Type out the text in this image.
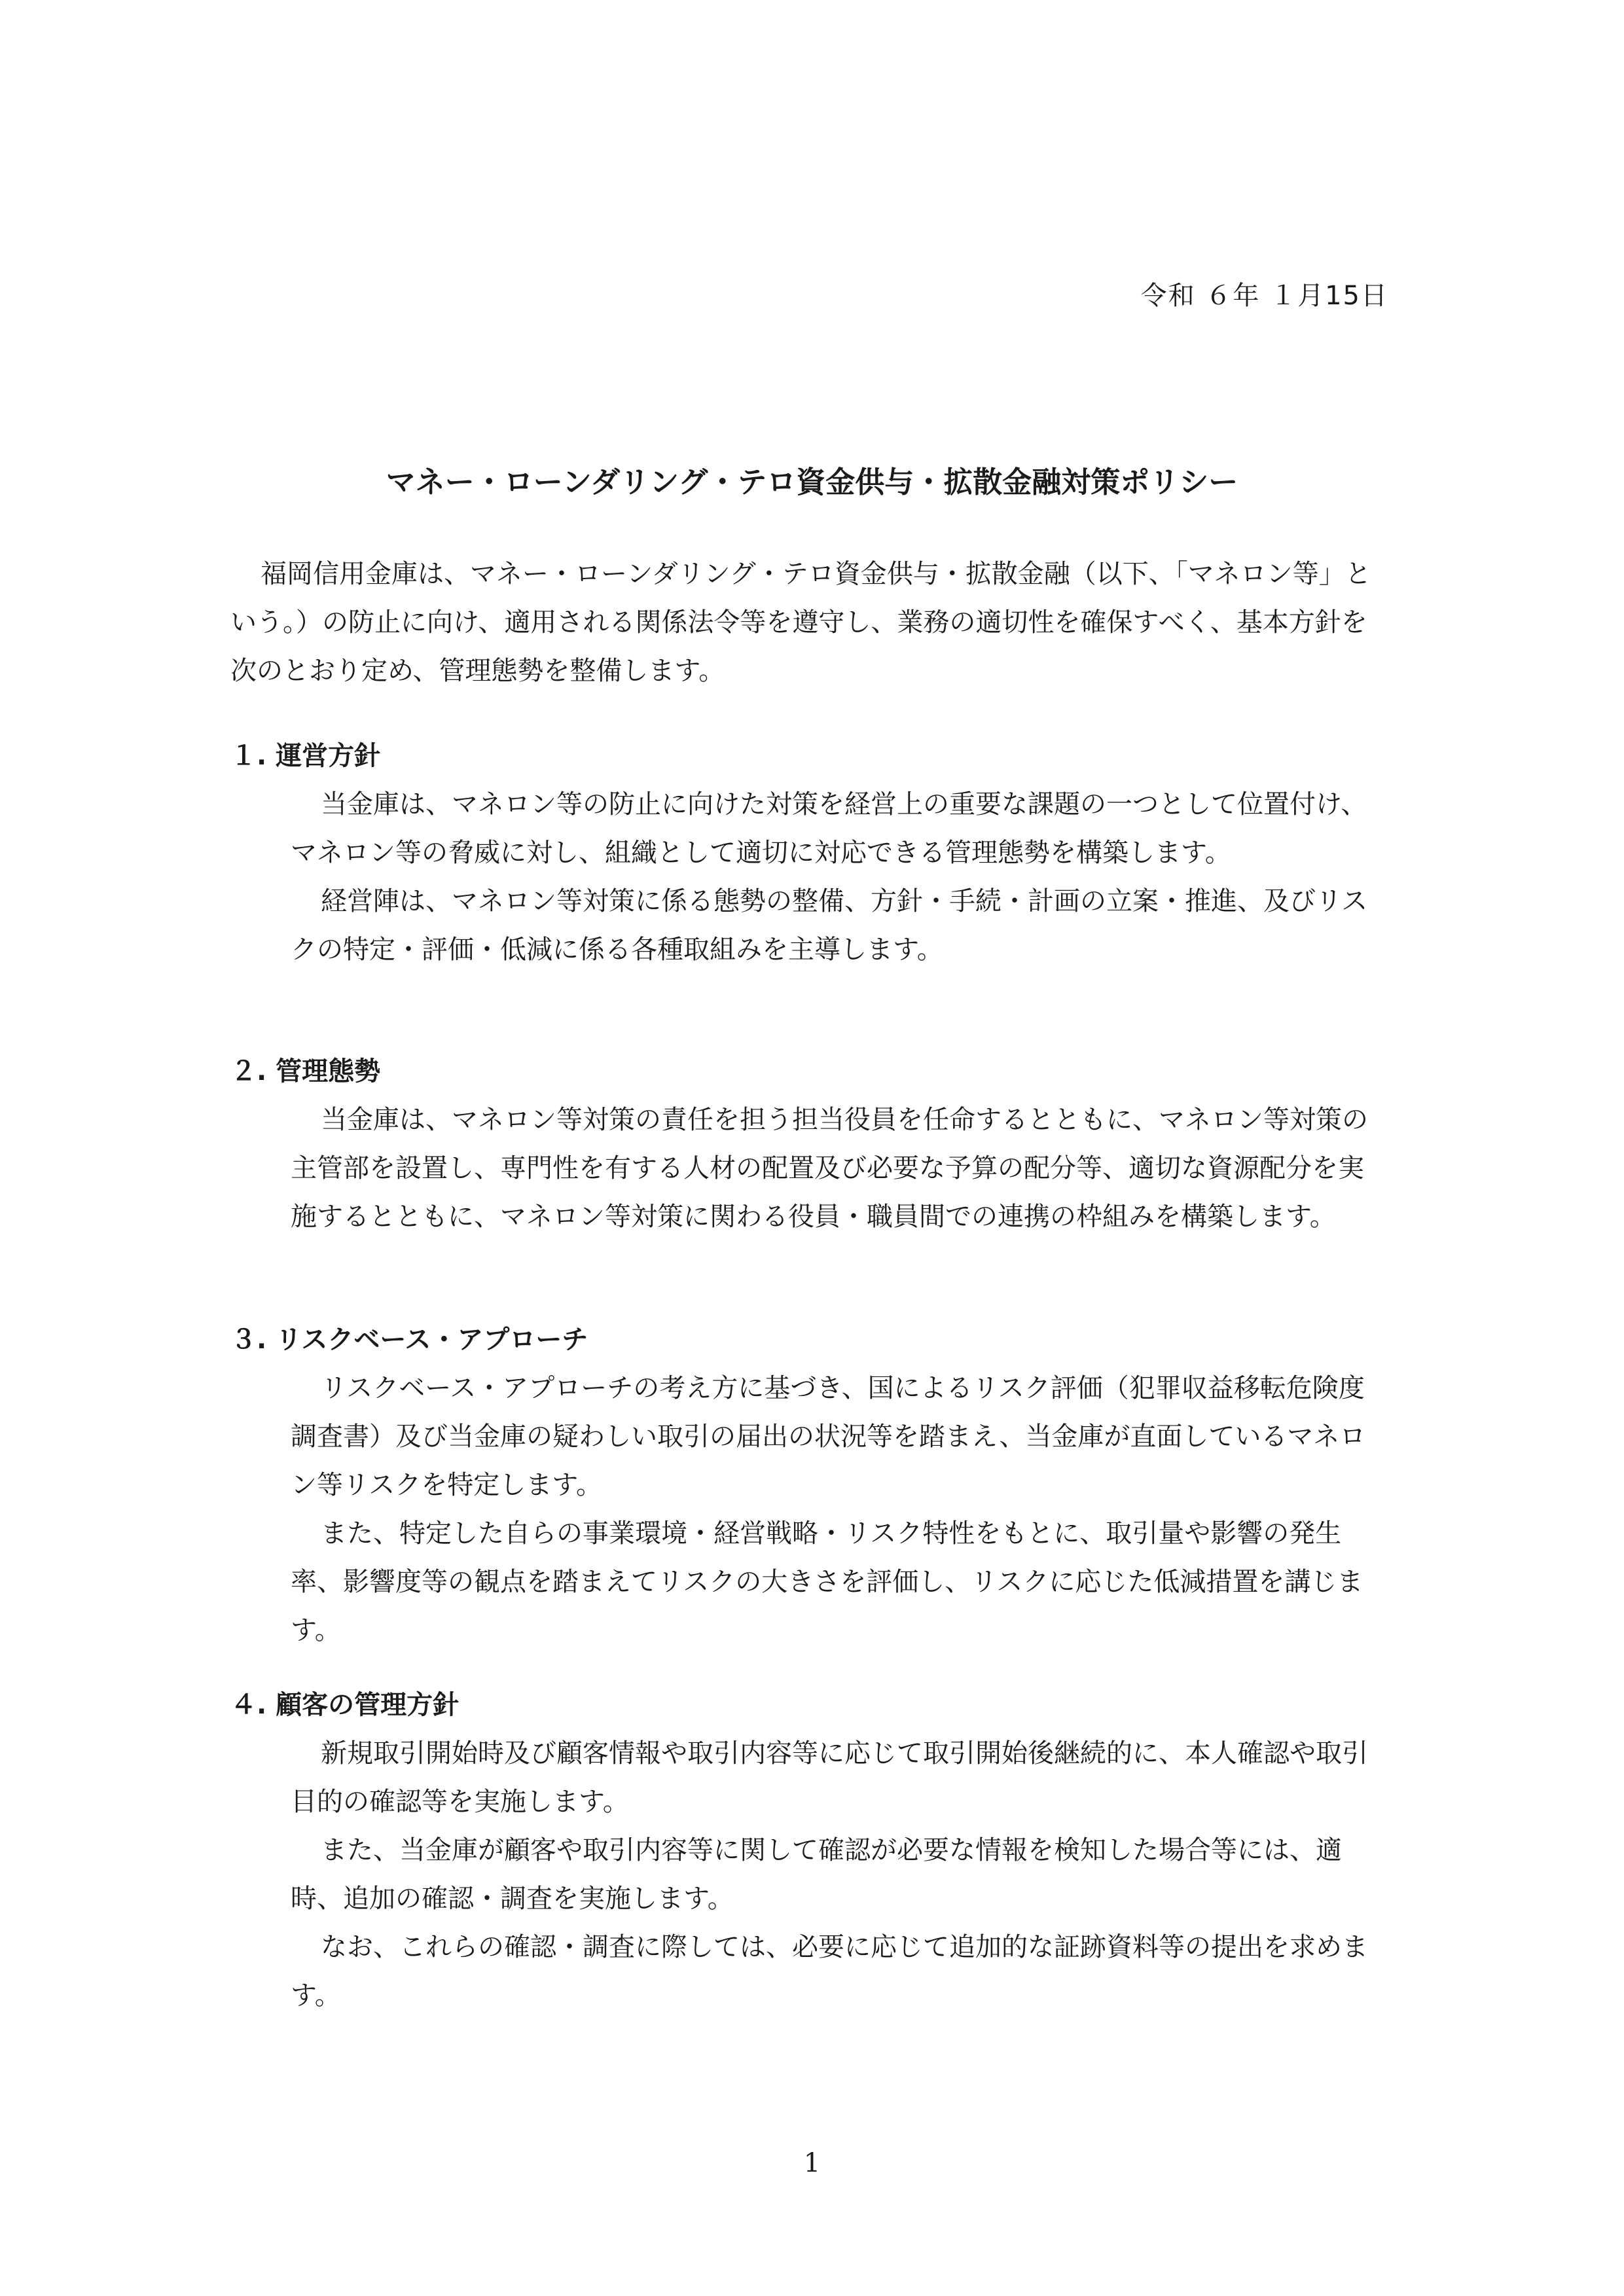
令和 ６年 １月15日
マネー・ローンダリング・テロ資金供与・拡散金融対策ポリシー

福岡信用金庫は、マネー・ローンダリング・テロ資金供与・拡散金融（以下、「マネロン等」という。）の防止に向け、適用される関係法令等を遵守し、業務の適切性を確保すべく、基本方針を次のとおり定め、管理態勢を整備します。

１. 運営方針

当金庫は、マネロン等の防止に向けた対策を経営上の重要な課題の一つとして位置付け、マネロン等の脅威に対し、組織として適切に対応できる管理態勢を構築します。

経営陣は、マネロン等対策に係る態勢の整備、方針・手続・計画の立案・推進、及びリスクの特定・評価・低減に係る各種取組みを主導します。

２. 管理態勢

当金庫は、マネロン等対策の責任を担う担当役員を任命するとともに、マネロン等対策の主管部を設置し、専門性を有する人材の配置及び必要な予算の配分等、適切な資源配分を実施するとともに、マネロン等対策に関わる役員・職員間での連携の枠組みを構築します。

３. リスクベース・アプローチ

リスクベース・アプローチの考え方に基づき、国によるリスク評価（犯罪収益移転危険度調査書）及び当金庫の疑わしい取引の届出の状況等を踏まえ、当金庫が直面しているマネロン等リスクを特定します。

また、特定した自らの事業環境・経営戦略・リスク特性をもとに、取引量や影響の発生率、影響度等の観点を踏まえてリスクの大きさを評価し、リスクに応じた低減措置を講じます。

４. 顧客の管理方針

新規取引開始時及び顧客情報や取引内容等に応じて取引開始後継続的に、本人確認や取引目的の確認等を実施します。

また、当金庫が顧客や取引内容等に関して確認が必要な情報を検知した場合等には、適時、追加の確認・調査を実施します。

なお、これらの確認・調査に際しては、必要に応じて追加的な証跡資料等の提出を求めます。

1
